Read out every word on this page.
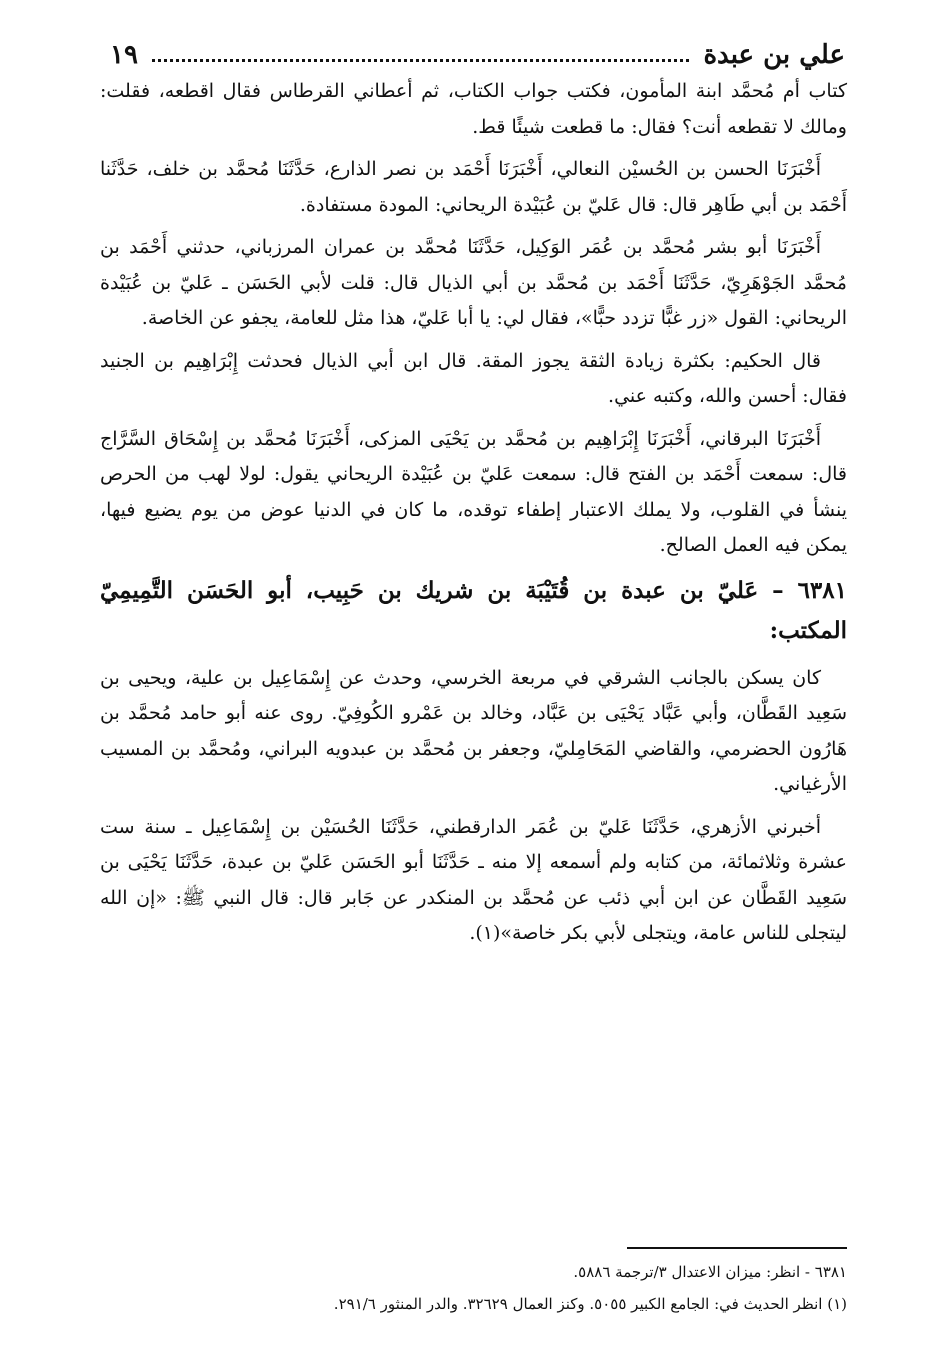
علي بن عبدة
١٩

كتاب أم مُحمَّد ابنة المأمون، فكتب جواب الكتاب، ثم أعطاني القرطاس فقال اقطعه، فقلت: ومالك لا تقطعه أنت؟ فقال: ما قطعت شيئًا قط.

أَخْبَرَنَا الحسن بن الحُسيْن النعالي، أَخْبَرَنَا أَحْمَد بن نصر الذارع، حَدَّثَنَا مُحمَّد بن خلف، حَدَّثَنا أَحْمَد بن أبي طَاهِر قال: قال عَليّ بن عُبَيْدة الريحاني: المودة مستفادة.

أَخْبَرَنَا أبو بشر مُحمَّد بن عُمَر الوَكِيل، حَدَّثَنَا مُحمَّد بن عمران المرزباني، حدثني أَحْمَد بن مُحمَّد الجَوْهَرِيّ، حَدَّثَنَا أَحْمَد بن مُحمَّد بن أبي الذيال قال: قلت لأبي الحَسَن ـ عَليّ بن عُبَيْدة الريحاني: القول «زر غبًّا تزدد حبًّا»، فقال لي: يا أبا عَليّ، هذا مثل للعامة، يجفو عن الخاصة.

قال الحكيم: بكثرة زيادة الثقة يجوز المقة. قال ابن أبي الذيال فحدثت إِبْرَاهِيم بن الجنيد فقال: أحسن والله، وكتبه عني.

أَخْبَرَنَا البرقاني، أَخْبَرَنَا إِبْرَاهِيم بن مُحمَّد بن يَحْيَى المزكى، أَخْبَرَنَا مُحمَّد بن إِسْحَاق السَّرَّاج قال: سمعت أَحْمَد بن الفتح قال: سمعت عَليّ بن عُبَيْدة الريحاني يقول: لولا لهب من الحرص ينشأ في القلوب، ولا يملك الاعتبار إطفاء توقده، ما كان في الدنيا عوض من يوم يضيع فيها، يمكن فيه العمل الصالح.

٦٣٨١ – عَليّ بن عبدة بن قُتَيْبَة بن شريك بن حَبِيب، أبو الحَسَن التَّمِيمِيّ المكتب:

كان يسكن بالجانب الشرقي في مربعة الخرسي، وحدث عن إِسْمَاعِيل بن علية، ويحيى بن سَعِيد القَطَّان، وأبي عَبَّاد يَحْيَى بن عَبَّاد، وخالد بن عَمْرو الكُوفِيّ. روى عنه أبو حامد مُحمَّد بن هَارُون الحضرمي، والقاضي المَحَامِليّ، وجعفر بن مُحمَّد بن عبدويه البراني، ومُحمَّد بن المسيب الأرغياني.

أخبرني الأزهري، حَدَّثَنَا عَليّ بن عُمَر الدارقطني، حَدَّثَنَا الحُسَيْن بن إِسْمَاعِيل ـ سنة ست عشرة وثلاثمائة، من كتابه ولم أسمعه إلا منه ـ حَدَّثَنَا أبو الحَسَن عَليّ بن عبدة، حَدَّثَنَا يَحْيَى بن سَعِيد القَطَّان عن ابن أبي ذئب عن مُحمَّد بن المنكدر عن جَابر قال: قال النبي ﷺ: «إن الله ليتجلى للناس عامة، ويتجلى لأبي بكر خاصة»(١).

٦٣٨١ - انظر: ميزان الاعتدال ٣/ترجمة ٥٨٨٦.

(١) انظر الحديث في: الجامع الكبير ٥٠٥٥. وكنز العمال ٣٢٦٢٩. والدر المنثور ٢٩١/٦.
